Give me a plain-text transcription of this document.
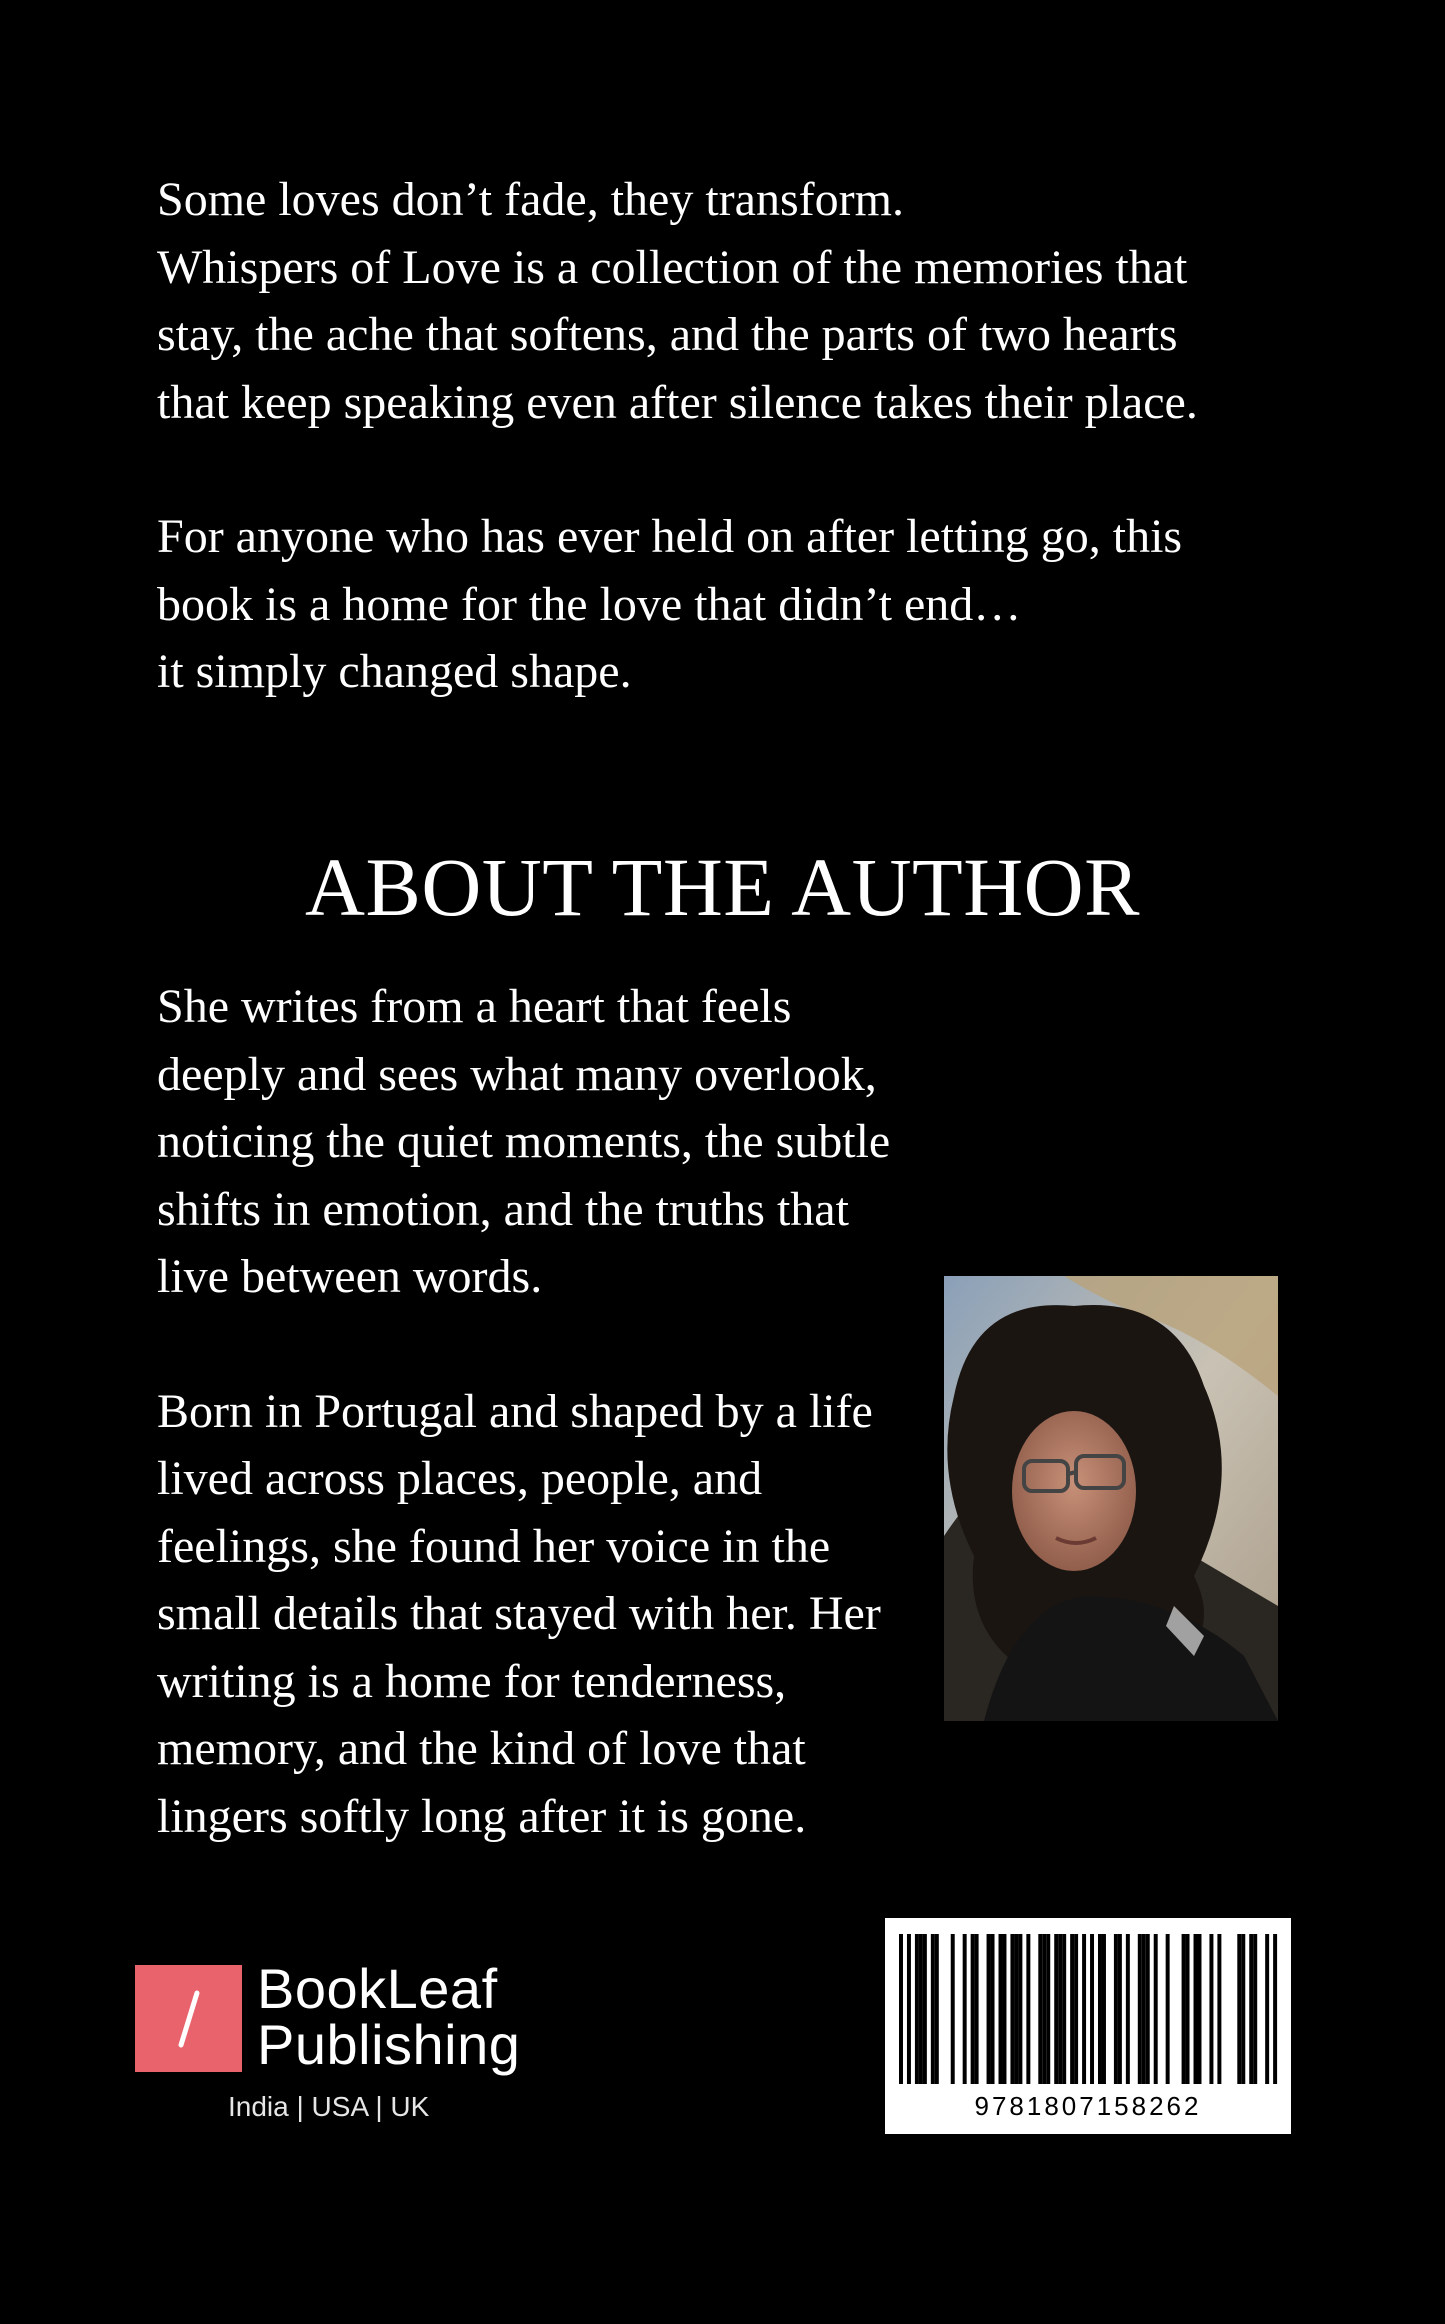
Some loves don’t fade, they transform.
Whispers of Love is a collection of the memories that
stay, the ache that softens, and the parts of two hearts
that keep speaking even after silence takes their place.

For anyone who has ever held on after letting go, this
book is a home for the love that didn’t end…
it simply changed shape.

ABOUT THE AUTHOR

She writes from a heart that feels
deeply and sees what many overlook,
noticing the quiet moments, the subtle
shifts in emotion, and the truths that
live between words.

Born in Portugal and shaped by a life
lived across places, people, and
feelings, she found her voice in the
small details that stayed with her. Her
writing is a home for tenderness,
memory, and the kind of love that
lingers softly long after it is gone.

BookLeaf
Publishing
India | USA | UK	9781807158262
